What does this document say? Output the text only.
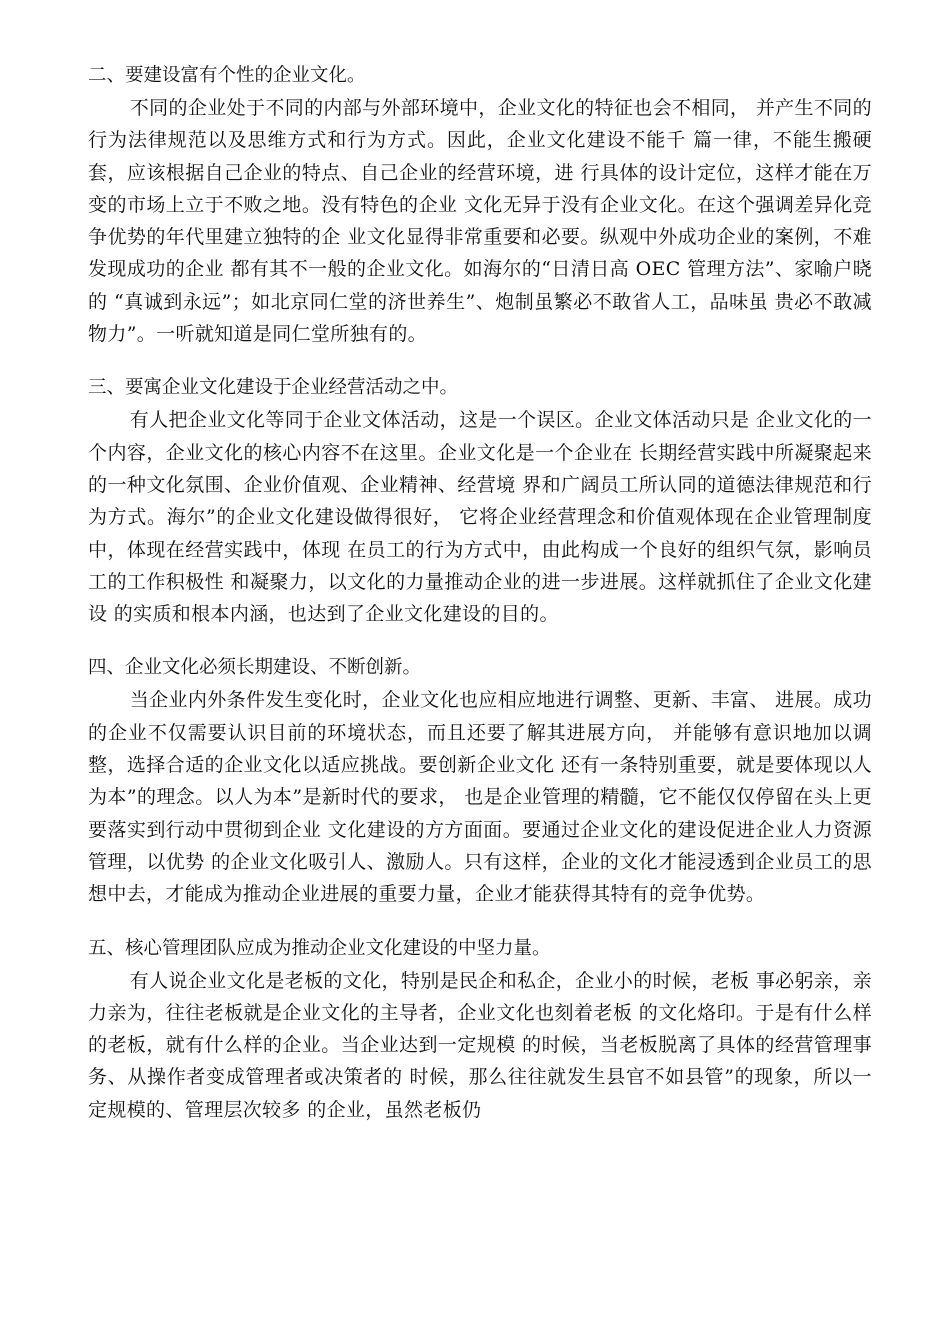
二、要建设富有个性的企业文化。

不同的企业处于不同的内部与外部环境中，企业文化的特征也会不相同， 并产生不同的行为法律规范以及思维方式和行为方式。因此，企业文化建设不能千 篇一律，不能生搬硬套，应该根据自己企业的特点、自己企业的经营环境，进 行具体的设计定位，这样才能在万变的市场上立于不败之地。没有特色的企业 文化无异于没有企业文化。在这个强调差异化竞争优势的年代里建立独特的企 业文化显得非常重要和必要。纵观中外成功企业的案例，不难发现成功的企业 都有其不一般的企业文化。如海尔的“日清日高 OEC 管理方法”、家喻户晓的 “真诚到永远”；如北京同仁堂的济世养生”、炮制虽繁必不敢省人工，品味虽 贵必不敢减物力”。一听就知道是同仁堂所独有的。

三、要寓企业文化建设于企业经营活动之中。

有人把企业文化等同于企业文体活动，这是一个误区。企业文体活动只是 企业文化的一个内容，企业文化的核心内容不在这里。企业文化是一个企业在 长期经营实践中所凝聚起来的一种文化氛围、企业价值观、企业精神、经营境 界和广阔员工所认同的道德法律规范和行为方式。海尔”的企业文化建设做得很好， 它将企业经营理念和价值观体现在企业管理制度中，体现在经营实践中，体现 在员工的行为方式中，由此构成一个良好的组织气氛，影响员工的工作积极性 和凝聚力，以文化的力量推动企业的进一步进展。这样就抓住了企业文化建设 的实质和根本内涵，也达到了企业文化建设的目的。

四、企业文化必须长期建设、不断创新。

当企业内外条件发生变化时，企业文化也应相应地进行调整、更新、丰富、 进展。成功的企业不仅需要认识目前的环境状态，而且还要了解其进展方向， 并能够有意识地加以调整，选择合适的企业文化以适应挑战。要创新企业文化 还有一条特别重要，就是要体现以人为本”的理念。以人为本”是新时代的要求， 也是企业管理的精髓，它不能仅仅停留在头上更要落实到行动中贯彻到企业 文化建设的方方面面。要通过企业文化的建设促进企业人力资源管理，以优势 的企业文化吸引人、激励人。只有这样，企业的文化才能浸透到企业员工的思 想中去，才能成为推动企业进展的重要力量，企业才能获得其特有的竞争优势。

五、核心管理团队应成为推动企业文化建设的中坚力量。

有人说企业文化是老板的文化，特别是民企和私企，企业小的时候，老板 事必躬亲，亲力亲为，往往老板就是企业文化的主导者，企业文化也刻着老板 的文化烙印。于是有什么样的老板，就有什么样的企业。当企业达到一定规模 的时候，当老板脱离了具体的经营管理事务、从操作者变成管理者或决策者的 时候，那么往往就发生县官不如县管”的现象，所以一定规模的、管理层次较多 的企业，虽然老板仍
